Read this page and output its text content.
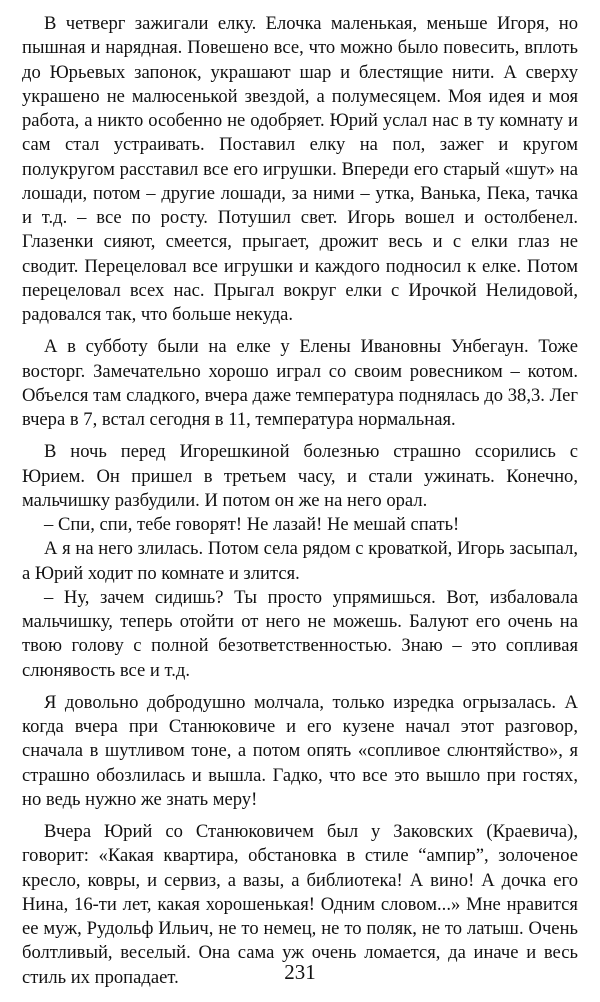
В четверг зажигали елку. Елочка маленькая, меньше Игоря, но пышная и нарядная. Повешено все, что можно было повесить, вплоть до Юрьевых запонок, украшают шар и блестящие нити. А сверху украшено не малюсенькой звездой, а полумесяцем. Моя идея и моя работа, а никто особенно не одобряет. Юрий услал нас в ту комнату и сам стал устраивать. Поставил елку на пол, зажег и кругом полукругом расставил все его игрушки. Впереди его старый «шут» на лошади, потом – другие лошади, за ними – утка, Ванька, Пека, тачка и т.д. – все по росту. Потушил свет. Игорь вошел и остолбенел. Глазенки сияют, смеется, прыгает, дрожит весь и с елки глаз не сводит. Перецеловал все игрушки и каждого подносил к елке. Потом перецеловал всех нас. Прыгал вокруг елки с Ирочкой Нелидовой, радовался так, что больше некуда.

А в субботу были на елке у Елены Ивановны Унбегаун. Тоже восторг. Замечательно хорошо играл со своим ровесником – котом. Объелся там сладкого, вчера даже температура поднялась до 38,3. Лег вчера в 7, встал сегодня в 11, температура нормальная.

В ночь перед Игорешкиной болезнью страшно ссорились с Юрием. Он пришел в третьем часу, и стали ужинать. Конечно, мальчишку разбудили. И потом он же на него орал.

– Спи, спи, тебе говорят! Не лазай! Не мешай спать!

А я на него злилась. Потом села рядом с кроваткой, Игорь засыпал, а Юрий ходит по комнате и злится.

– Ну, зачем сидишь? Ты просто упрямишься. Вот, избаловала мальчишку, теперь отойти от него не можешь. Балуют его очень на твою голову с полной безответственностью. Знаю – это сопливая слюнявость все и т.д.

Я довольно добродушно молчала, только изредка огрызалась. А когда вчера при Станюковиче и его кузене начал этот разговор, сначала в шутливом тоне, а потом опять «сопливое слюнтяйство», я страшно обозлилась и вышла. Гадко, что все это вышло при гостях, но ведь нужно же знать меру!

Вчера Юрий со Станюковичем был у Заковских (Краевича), говорит: «Какая квартира, обстановка в стиле “ампир”, золоченое кресло, ковры, и сервиз, а вазы, а библиотека! А вино! А дочка его Нина, 16-ти лет, какая хорошенькая! Одним словом...» Мне нравится ее муж, Рудольф Ильич, не то немец, не то поляк, не то латыш. Очень болтливый, веселый. Она сама уж очень ломается, да иначе и весь стиль их пропадает.	231
